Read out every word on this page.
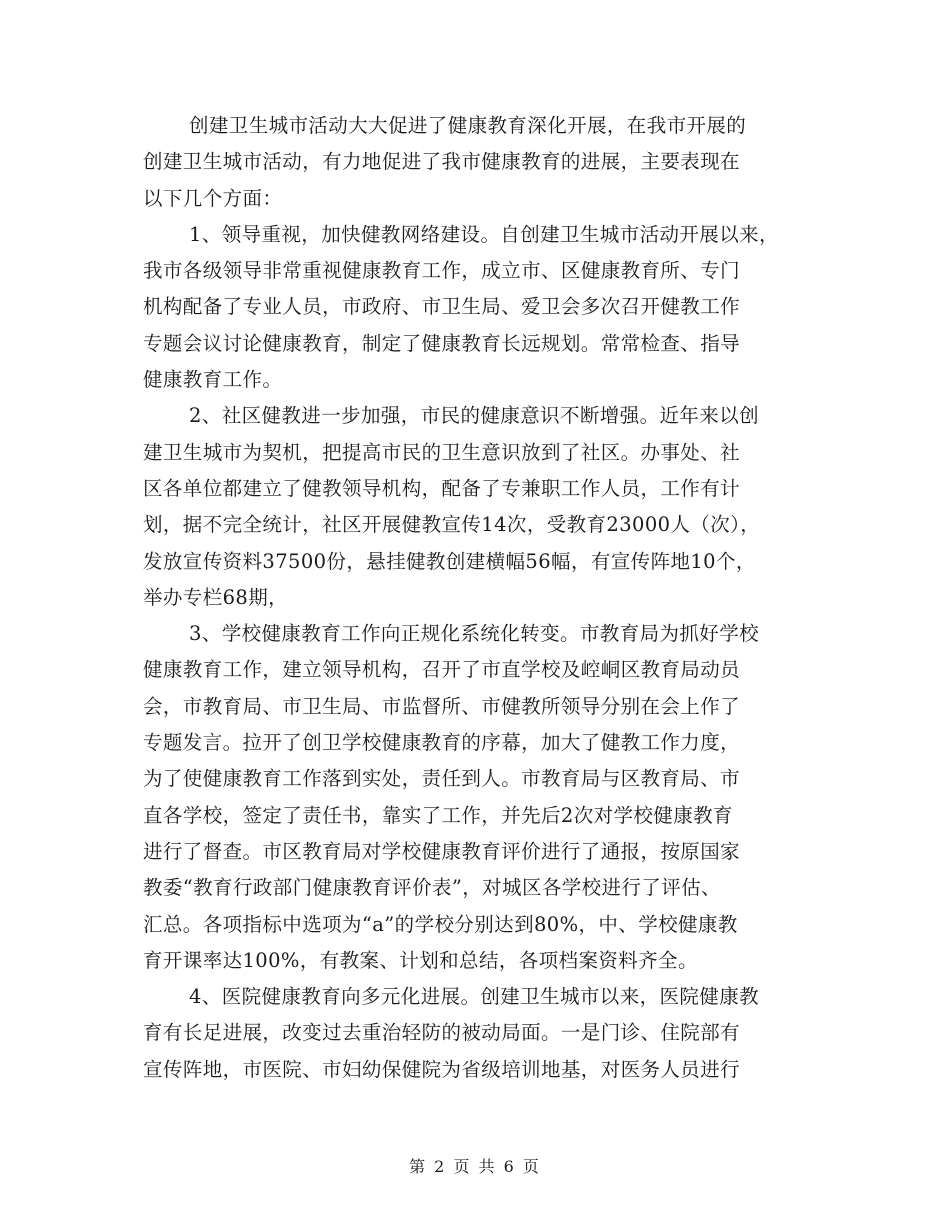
创建卫生城市活动大大促进了健康教育深化开展，在我市开展的
创建卫生城市活动，有力地促进了我市健康教育的进展，主要表现在
以下几个方面：
1、领导重视，加快健教网络建设。自创建卫生城市活动开展以来，
我市各级领导非常重视健康教育工作，成立市、区健康教育所、专门
机构配备了专业人员，市政府、市卫生局、爱卫会多次召开健教工作
专题会议讨论健康教育，制定了健康教育长远规划。常常检查、指导
健康教育工作。
2、社区健教进一步加强，市民的健康意识不断增强。近年来以创
建卫生城市为契机，把提高市民的卫生意识放到了社区。办事处、社
区各单位都建立了健教领导机构，配备了专兼职工作人员，工作有计
划，据不完全统计，社区开展健教宣传14次，受教育23000人（次），
发放宣传资料37500份，悬挂健教创建横幅56幅，有宣传阵地10个，
举办专栏68期，
3、学校健康教育工作向正规化系统化转变。市教育局为抓好学校
健康教育工作，建立领导机构，召开了市直学校及崆峒区教育局动员
会，市教育局、市卫生局、市监督所、市健教所领导分别在会上作了
专题发言。拉开了创卫学校健康教育的序幕，加大了健教工作力度，
为了使健康教育工作落到实处，责任到人。市教育局与区教育局、市
直各学校，签定了责任书，靠实了工作，并先后2次对学校健康教育
进行了督查。市区教育局对学校健康教育评价进行了通报，按原国家
教委“教育行政部门健康教育评价表”，对城区各学校进行了评估、
汇总。各项指标中选项为“a”的学校分别达到80%，中、学校健康教
育开课率达100%，有教案、计划和总结，各项档案资料齐全。
4、医院健康教育向多元化进展。创建卫生城市以来，医院健康教
育有长足进展，改变过去重治轻防的被动局面。一是门诊、住院部有
宣传阵地，市医院、市妇幼保健院为省级培训地基，对医务人员进行
第 2 页 共 6 页
